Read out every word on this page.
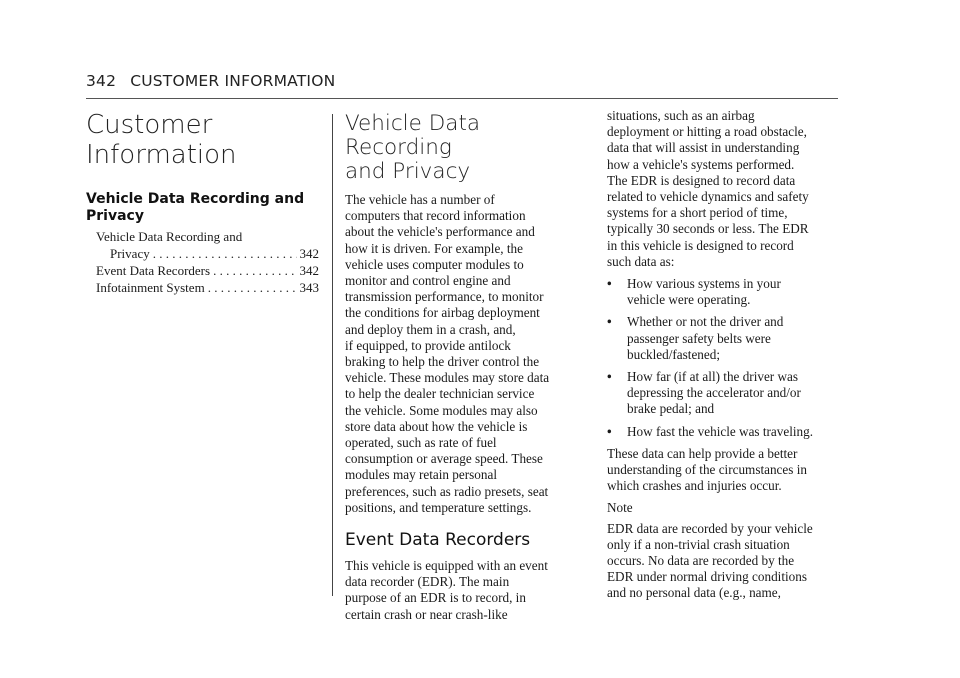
342 CUSTOMER INFORMATION
Customer
Information
Vehicle Data Recording and
Privacy
Vehicle Data Recording and
Privacy . . .	342
Event Data Recorders . . .	342
Infotainment System . . .	343
Vehicle Data Recording
and Privacy
The vehicle has a number of
computers that record information
about the vehicle's performance and
how it is driven. For example, the
vehicle uses computer modules to
monitor and control engine and
transmission performance, to monitor
the conditions for airbag deployment
and deploy them in a crash, and,
if equipped, to provide antilock
braking to help the driver control the
vehicle. These modules may store data
to help the dealer technician service
the vehicle. Some modules may also
store data about how the vehicle is
operated, such as rate of fuel
consumption or average speed. These
modules may retain personal
preferences, such as radio presets, seat
positions, and temperature settings.
Event Data Recorders
This vehicle is equipped with an event
data recorder (EDR). The main
purpose of an EDR is to record, in
certain crash or near crash-like
situations, such as an airbag
deployment or hitting a road obstacle,
data that will assist in understanding
how a vehicle's systems performed.
The EDR is designed to record data
related to vehicle dynamics and safety
systems for a short period of time,
typically 30 seconds or less. The EDR
in this vehicle is designed to record
such data as:
•	How various systems in your
vehicle were operating.
•	Whether or not the driver and
passenger safety belts were
buckled/fastened;
•	How far (if at all) the driver was
depressing the accelerator and/or
brake pedal; and
•	How fast the vehicle was traveling.
These data can help provide a better
understanding of the circumstances in
which crashes and injuries occur.
Note
EDR data are recorded by your vehicle
only if a non-trivial crash situation
occurs. No data are recorded by the
EDR under normal driving conditions
and no personal data (e.g., name,
